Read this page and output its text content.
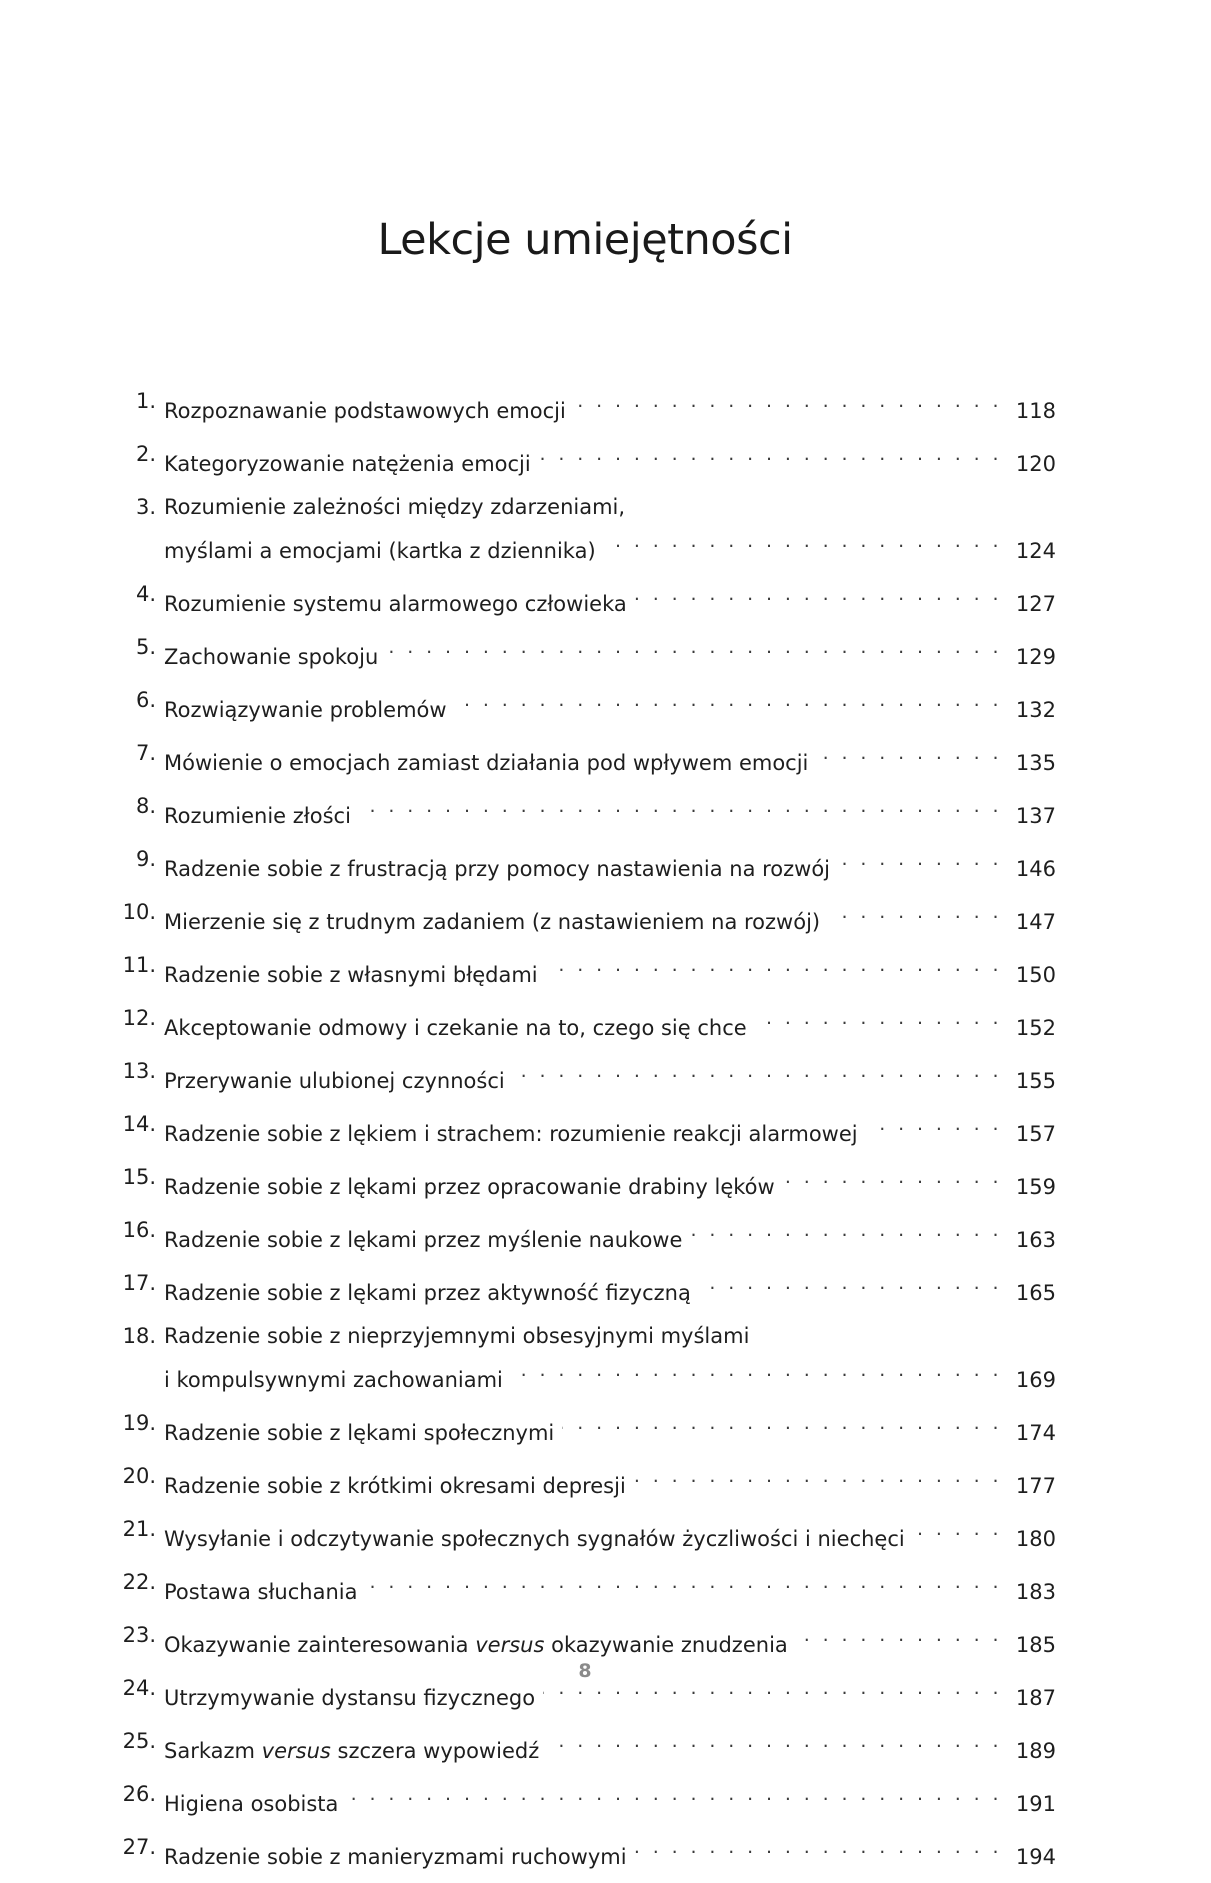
Lekcje umiejętności
1. Rozpoznawanie podstawowych emocji . . .	118
2. Kategoryzowanie natężenia emocji . . .	120
3. Rozumienie zależności między zdarzeniami,
myślami a emocjami (kartka z dziennika) . . .	124
4. Rozumienie systemu alarmowego człowieka . . .	127
5. Zachowanie spokoju . . .	129
6. Rozwiązywanie problemów . . .	132
7. Mówienie o emocjach zamiast działania pod wpływem emocji . . .	135
8. Rozumienie złości . . .	137
9. Radzenie sobie z frustracją przy pomocy nastawienia na rozwój . . .	146
10. Mierzenie się z trudnym zadaniem (z nastawieniem na rozwój) . . .	147
11. Radzenie sobie z własnymi błędami . . .	150
12. Akceptowanie odmowy i czekanie na to, czego się chce . . .	152
13. Przerywanie ulubionej czynności . . .	155
14. Radzenie sobie z lękiem i strachem: rozumienie reakcji alarmowej . . .	157
15. Radzenie sobie z lękami przez opracowanie drabiny lęków . . .	159
16. Radzenie sobie z lękami przez myślenie naukowe . . .	163
17. Radzenie sobie z lękami przez aktywność fizyczną . . .	165
18. Radzenie sobie z nieprzyjemnymi obsesyjnymi myślami
i kompulsywnymi zachowaniami . . .	169
19. Radzenie sobie z lękami społecznymi . . .	174
20. Radzenie sobie z krótkimi okresami depresji . . .	177
21. Wysyłanie i odczytywanie społecznych sygnałów życzliwości i niechęci . . .	180
22. Postawa słuchania . . .	183
23. Okazywanie zainteresowania versus okazywanie znudzenia . . .	185
24. Utrzymywanie dystansu fizycznego . . .	187
25. Sarkazm versus szczera wypowiedź . . .	189
26. Higiena osobista . . .	191
27. Radzenie sobie z manieryzmami ruchowymi . . .	194
8
